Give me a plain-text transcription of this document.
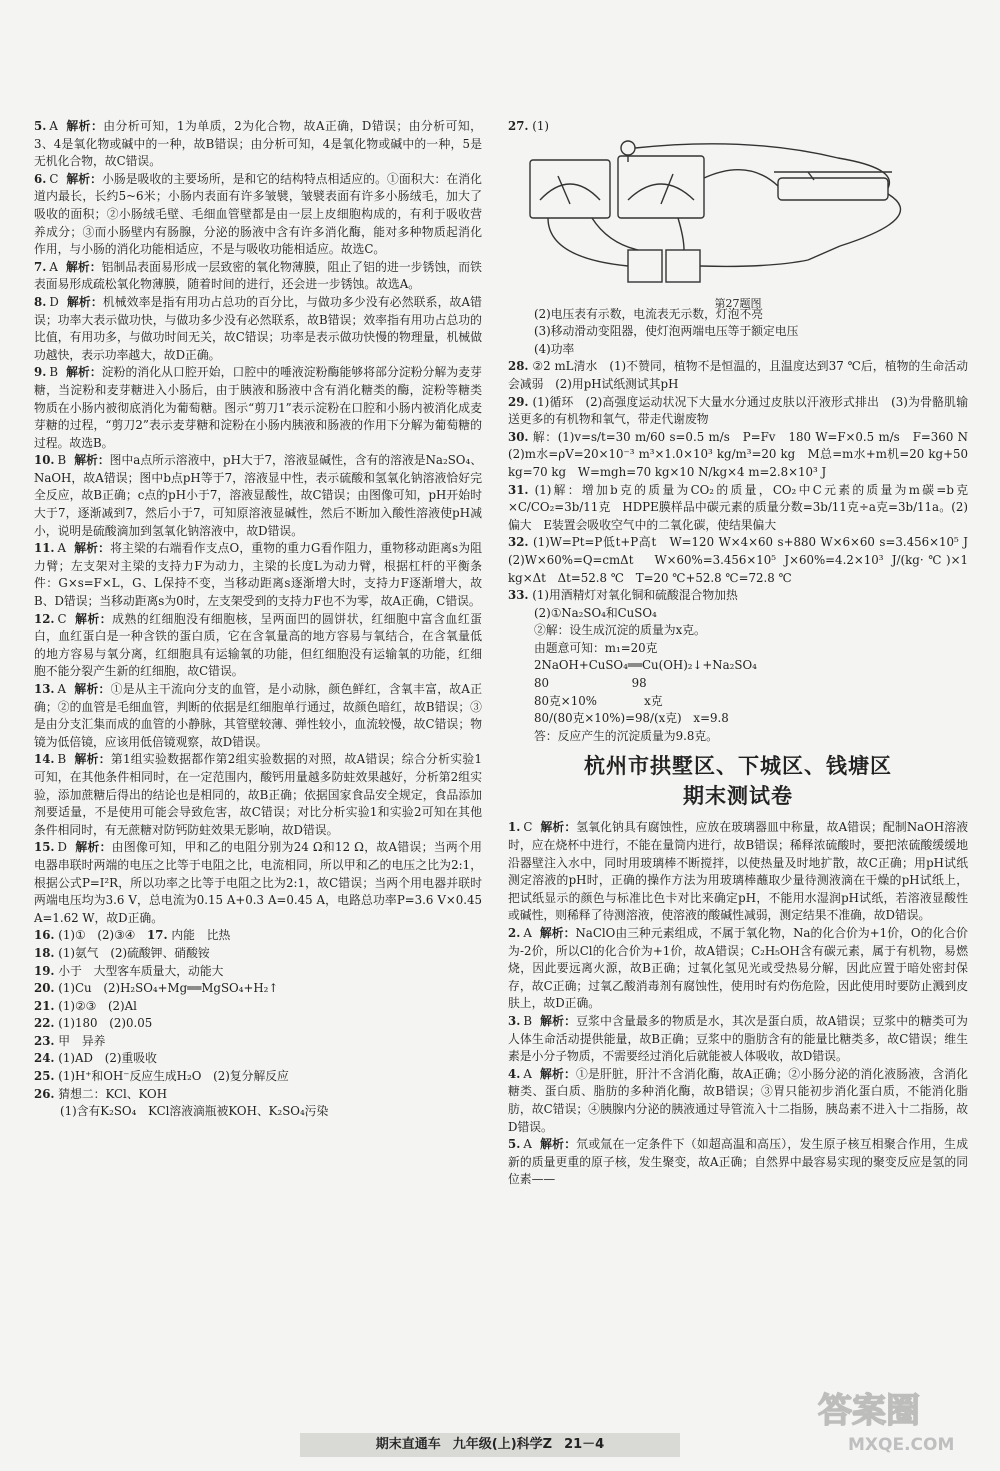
5. A 解析：由分析可知，1为单质，2为化合物，故A正确，D错误；由分析可知，3、4是氧化物或碱中的一种，故B错误；由分析可知，4是氧化物或碱中的一种，5是无机化合物，故C错误。
6. C 解析：小肠是吸收的主要场所，是和它的结构特点相适应的。①面积大：在消化道内最长，长约5~6米；小肠内表面有许多皱襞，皱襞表面有许多小肠绒毛，加大了吸收的面积；②小肠绒毛壁、毛细血管壁都是由一层上皮细胞构成的，有利于吸收营养成分；③而小肠壁内有肠腺，分泌的肠液中含有许多消化酶，能对多种物质起消化作用，与小肠的消化功能相适应，不是与吸收功能相适应。故选C。
7. A 解析：铝制品表面易形成一层致密的氧化物薄膜，阻止了铝的进一步锈蚀，而铁表面易形成疏松氧化物薄膜，随着时间的进行，还会进一步锈蚀。故选A。
8. D 解析：机械效率是指有用功占总功的百分比，与做功多少没有必然联系，故A错误；功率大表示做功快，与做功多少没有必然联系，故B错误；效率指有用功占总功的比值，有用功多，与做功时间无关，故C错误；功率是表示做功快慢的物理量，机械做功越快，表示功率越大，故D正确。
9. B 解析：淀粉的消化从口腔开始，口腔中的唾液淀粉酶能够将部分淀粉分解为麦芽糖，当淀粉和麦芽糖进入小肠后，由于胰液和肠液中含有消化糖类的酶，淀粉等糖类物质在小肠内被彻底消化为葡萄糖。图示“剪刀1”表示淀粉在口腔和小肠内被消化成麦芽糖的过程，“剪刀2”表示麦芽糖和淀粉在小肠内胰液和肠液的作用下分解为葡萄糖的过程。故选B。
10. B 解析：图中a点所示溶液中，pH大于7，溶液显碱性，含有的溶液是Na₂SO₄、NaOH，故A错误；图中b点pH等于7，溶液显中性，表示硫酸和氢氧化钠溶液恰好完全反应，故B正确；c点的pH小于7，溶液显酸性，故C错误；由图像可知，pH开始时大于7，逐渐减到7，然后小于7，可知原溶液显碱性，然后不断加入酸性溶液使pH减小，说明是硫酸滴加到氢氧化钠溶液中，故D错误。
11. A 解析：将主梁的右端看作支点O，重物的重力G看作阻力，重物移动距离s为阻力臂；左支架对主梁的支持力F为动力，主梁的长度L为动力臂，根据杠杆的平衡条件：G×s=F×L，G、L保持不变，当移动距离s逐渐增大时，支持力F逐渐增大，故B、D错误；当移动距离s为0时，左支架受到的支持力F也不为零，故A正确，C错误。
12. C 解析：成熟的红细胞没有细胞核，呈两面凹的圆饼状，红细胞中富含血红蛋白，血红蛋白是一种含铁的蛋白质，它在含氧量高的地方容易与氧结合，在含氧量低的地方容易与氧分离，红细胞具有运输氧的功能，但红细胞没有运输氧的功能，红细胞不能分裂产生新的红细胞，故C错误。
13. A 解析：①是从主干流向分支的血管，是小动脉，颜色鲜红，含氧丰富，故A正确；②的血管是毛细血管，判断的依据是红细胞单行通过，故颜色暗红，故B错误；③是由分支汇集而成的血管的小静脉，其管壁较薄、弹性较小，血流较慢，故C错误；物镜为低倍镜，应该用低倍镜观察，故D错误。
14. B 解析：第1组实验数据都作第2组实验数据的对照，故A错误；综合分析实验1可知，在其他条件相同时，在一定范围内，酸钙用量越多防蛀效果越好，分析第2组实验，添加蔗糖后得出的结论也是相同的，故B正确；依据国家食品安全规定，食品添加剂要适量，不是使用可能会导致危害，故C错误；对比分析实验1和实验2可知在其他条件相同时，有无蔗糖对防钙防蛀效果无影响，故D错误。
15. D 解析：由图像可知，甲和乙的电阻分别为24 Ω和12 Ω，故A错误；当两个用电器串联时两端的电压之比等于电阻之比，电流相同，所以甲和乙的电压之比为2:1，根据公式P=I²R，所以功率之比等于电阻之比为2:1，故C错误；当两个用电器并联时两端电压均为3.6 V，总电流为0.15 A+0.3 A=0.45 A，电路总功率P=3.6 V×0.45 A=1.62 W，故D正确。
16. (1)①　(2)③④　17. 内能　比热
18. (1)氨气　(2)硫酸钾、硝酸铵
19. 小于　大型客车质量大，动能大
20. (1)Cu　(2)H₂SO₄+Mg══MgSO₄+H₂↑
21. (1)②③　(2)Al
22. (1)180　(2)0.05
23. 甲　异养
24. (1)AD　(2)重吸收
25. (1)H⁺和OH⁻反应生成H₂O　(2)复分解反应
26. 猜想二：KCl、KOH
(1)含有K₂SO₄　KCl溶液滴瓶被KOH、K₂SO₄污染
27. (1)
第27题图
(2)电压表有示数，电流表无示数，灯泡不亮
(3)移动滑动变阻器，使灯泡两端电压等于额定电压
(4)功率
28. ②2 mL清水　(1)不赞同，植物不是恒温的，且温度达到37 ℃后，植物的生命活动会减弱　(2)用pH试纸测试其pH
29. (1)循环　(2)高强度运动状况下大量水分通过皮肤以汗液形式排出　(3)为骨骼肌输送更多的有机物和氧气，带走代谢废物
30. 解：(1)v=s/t=30 m/60 s=0.5 m/s　P=Fv　180 W=F×0.5 m/s　F=360 N　(2)m水=ρV=20×10⁻³ m³×1.0×10³ kg/m³=20 kg　M总=m水+m机=20 kg+50 kg=70 kg　W=mgh=70 kg×10 N/kg×4 m=2.8×10³ J
31. (1)解：增加b克的质量为CO₂的质量，CO₂中C元素的质量为m碳=b克×C/CO₂=3b/11克　HDPE膜样品中碳元素的质量分数=3b/11克÷a克=3b/11a。(2)偏大　E装置会吸收空气中的二氧化碳，使结果偏大
32. (1)W=Pt=P低t+P高t　W=120 W×4×60 s+880 W×6×60 s=3.456×10⁵ J　(2)W×60%=Q=cmΔt　W×60%=3.456×10⁵ J×60%=4.2×10³ J/(kg·℃)×1 kg×Δt　Δt=52.8 ℃　T=20 ℃+52.8 ℃=72.8 ℃
33. (1)用酒精灯对氧化铜和硫酸混合物加热
(2)①Na₂SO₄和CuSO₄
②解：设生成沉淀的质量为x克。
由题意可知：m₁=20克
2NaOH+CuSO₄══Cu(OH)₂↓+Na₂SO₄
80　　　　　　　98
80克×10%　　　　x克
80/(80克×10%)=98/(x克)　x=9.8
答：反应产生的沉淀质量为9.8克。
杭州市拱墅区、下城区、钱塘区
期末测试卷
1. C 解析：氢氧化钠具有腐蚀性，应放在玻璃器皿中称量，故A错误；配制NaOH溶液时，应在烧杯中进行，不能在量筒内进行，故B错误；稀释浓硫酸时，要把浓硫酸缓缓地沿器壁注入水中，同时用玻璃棒不断搅拌，以使热量及时地扩散，故C正确；用pH试纸测定溶液的pH时，正确的操作方法为用玻璃棒蘸取少量待测液滴在干燥的pH试纸上，把试纸显示的颜色与标准比色卡对比来确定pH，不能用水湿润pH试纸，若溶液显酸性或碱性，则稀释了待测溶液，使溶液的酸碱性减弱，测定结果不准确，故D错误。
2. A 解析：NaClO由三种元素组成，不属于氧化物，Na的化合价为+1价，O的化合价为-2价，所以Cl的化合价为+1价，故A错误；C₂H₅OH含有碳元素，属于有机物，易燃烧，因此要远离火源，故B正确；过氧化氢见光或受热易分解，因此应置于暗处密封保存，故C正确；过氧乙酸消毒剂有腐蚀性，使用时有灼伤危险，因此使用时要防止溅到皮肤上，故D正确。
3. B 解析：豆浆中含量最多的物质是水，其次是蛋白质，故A错误；豆浆中的糖类可为人体生命活动提供能量，故B正确；豆浆中的脂肪含有的能量比糖类多，故C错误；维生素是小分子物质，不需要经过消化后就能被人体吸收，故D错误。
4. A 解析：①是肝脏，肝汁不含消化酶，故A正确；②小肠分泌的消化液肠液，含消化糖类、蛋白质、脂肪的多种消化酶，故B错误；③胃只能初步消化蛋白质，不能消化脂肪，故C错误；④胰腺内分泌的胰液通过导管流入十二指肠，胰岛素不进入十二指肠，故D错误。
5. A 解析：氘或氚在一定条件下（如超高温和高压），发生原子核互相聚合作用，生成新的质量更重的原子核，发生聚变，故A正确；自然界中最容易实现的聚变反应是氢的同位素——
期末直通车 九年级(上)科学Z 21－4
答案圈
MXQE.COM
